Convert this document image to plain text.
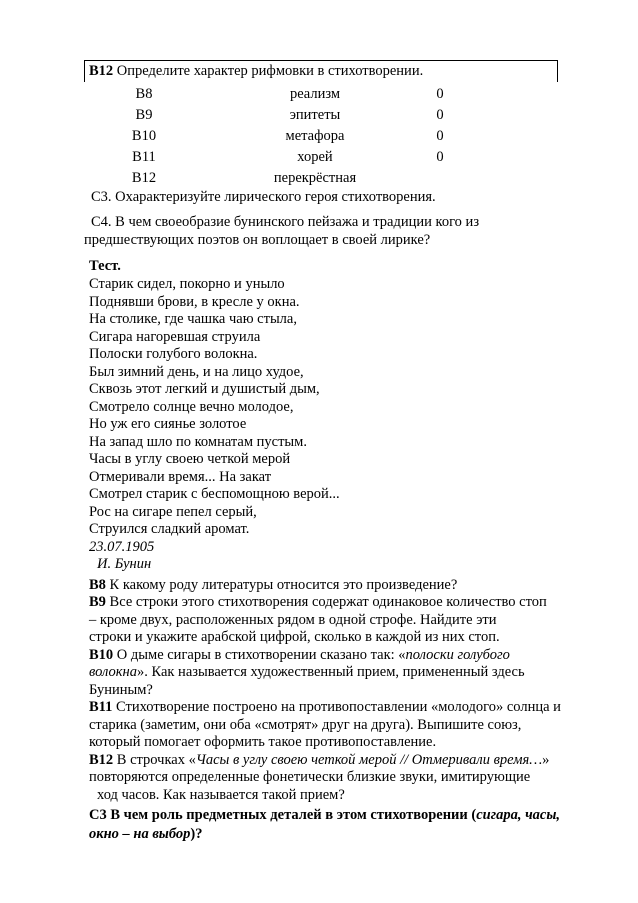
B12 Определите характер рифмовки в стихотворении.
B8	реализм	0
B9	эпитеты	0
B10	метафора	0
B11	хорей	0
B12	перекрёстная
С3. Охарактеризуйте лирического героя стихотворения.
С4. В чем своеобразие бунинского пейзажа и традиции кого из
предшествующих поэтов он воплощает в своей лирике?
Тест.
Старик сидел, покорно и уныло
Поднявши брови, в кресле у окна.
На столике, где чашка чаю стыла,
Сигара нагоревшая струила
Полоски голубого волокна.
Был зимний день, и на лицо худое,
Сквозь этот легкий и душистый дым,
Смотрело солнце вечно молодое,
Но уж его сиянье золотое
На запад шло по комнатам пустым.
Часы в углу своею четкой мерой
Отмеривали время... На закат
Смотрел старик с беспомощною верой...
Рос на сигаре пепел серый,
Струился сладкий аромат.
23.07.1905
И. Бунин
B8 К какому роду литературы относится это произведение?
B9 Все строки этого стихотворения содержат одинаковое количество стоп
– кроме двух, расположенных рядом в одной строфе. Найдите эти
строки и укажите арабской цифрой, сколько в каждой из них стоп.
B10 О дыме сигары в стихотворении сказано так: «полоски голубого
волокна». Как называется художественный прием, примененный здесь
Буниным?
B11 Стихотворение построено на противопоставлении «молодого» солнца и
старика (заметим, они оба «смотрят» друг на друга). Выпишите союз,
который помогает оформить такое противопоставление.
B12 В строчках «Часы в углу своею четкой мерой // Отмеривали время…»
повторяются определенные фонетически близкие звуки, имитирующие
ход часов. Как называется такой прием?
С3 В чем роль предметных деталей в этом стихотворении (сигара, часы,
окно – на выбор)?
